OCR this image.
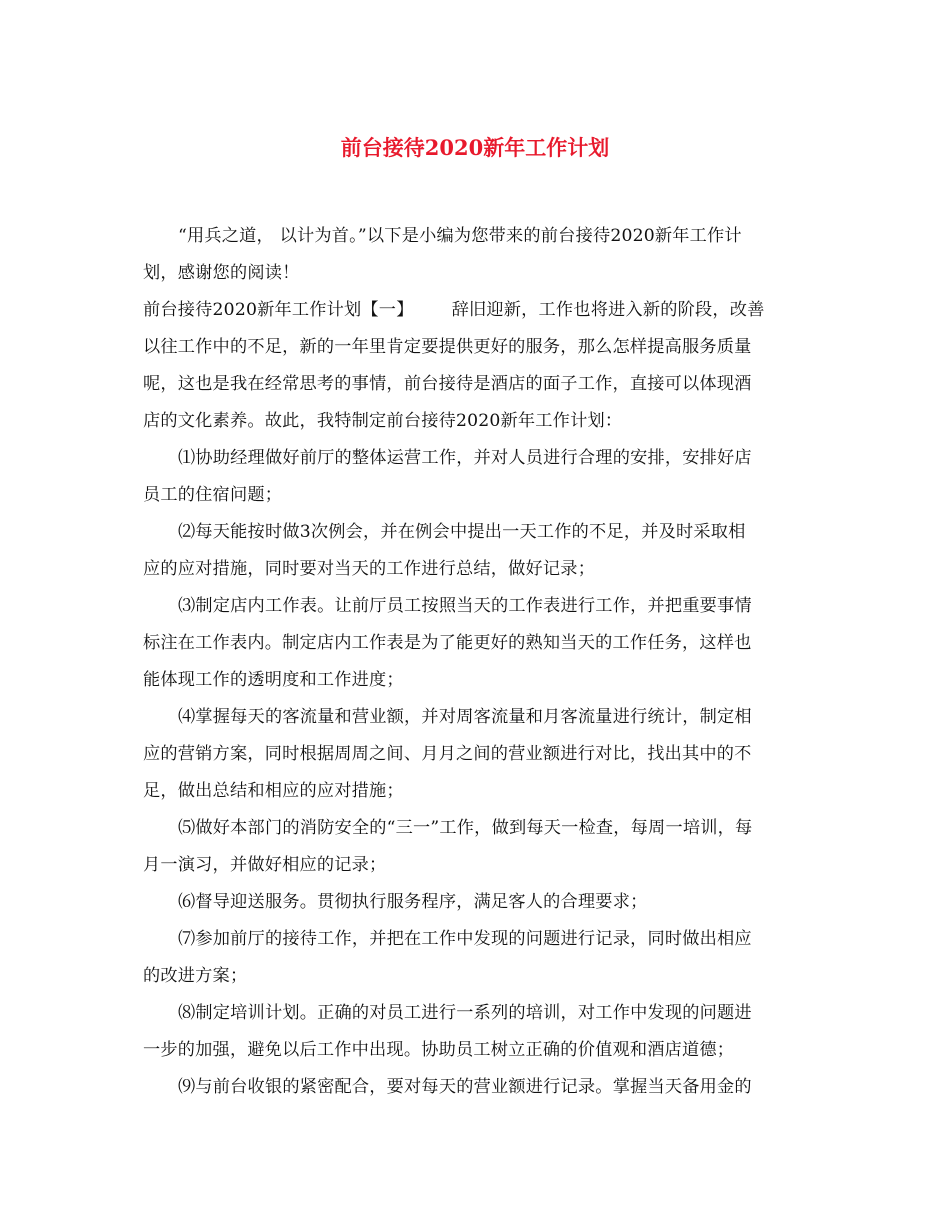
前台接待2020新年工作计划
“用兵之道， 以计为首。”以下是小编为您带来的前台接待2020新年工作计
划，感谢您的阅读！
前台接待2020新年工作计划【一】 辞旧迎新，工作也将进入新的阶段，改善
以往工作中的不足，新的一年里肯定要提供更好的服务，那么怎样提高服务质量
呢，这也是我在经常思考的事情，前台接待是酒店的面子工作，直接可以体现酒
店的文化素养。故此，我特制定前台接待2020新年工作计划：
⑴协助经理做好前厅的整体运营工作，并对人员进行合理的安排，安排好店
员工的住宿问题；
⑵每天能按时做3次例会，并在例会中提出一天工作的不足，并及时采取相
应的应对措施，同时要对当天的工作进行总结，做好记录；
⑶制定店内工作表。让前厅员工按照当天的工作表进行工作，并把重要事情
标注在工作表内。制定店内工作表是为了能更好的熟知当天的工作任务，这样也
能体现工作的透明度和工作进度；
⑷掌握每天的客流量和营业额，并对周客流量和月客流量进行统计，制定相
应的营销方案，同时根据周周之间、月月之间的营业额进行对比，找出其中的不
足，做出总结和相应的应对措施；
⑸做好本部门的消防安全的“三一”工作，做到每天一检查，每周一培训，每
月一演习，并做好相应的记录；
⑹督导迎送服务。贯彻执行服务程序，满足客人的合理要求；
⑺参加前厅的接待工作，并把在工作中发现的问题进行记录，同时做出相应
的改进方案；
⑻制定培训计划。正确的对员工进行一系列的培训，对工作中发现的问题进
一步的加强，避免以后工作中出现。协助员工树立正确的价值观和酒店道德；
⑼与前台收银的紧密配合，要对每天的营业额进行记录。掌握当天备用金的
